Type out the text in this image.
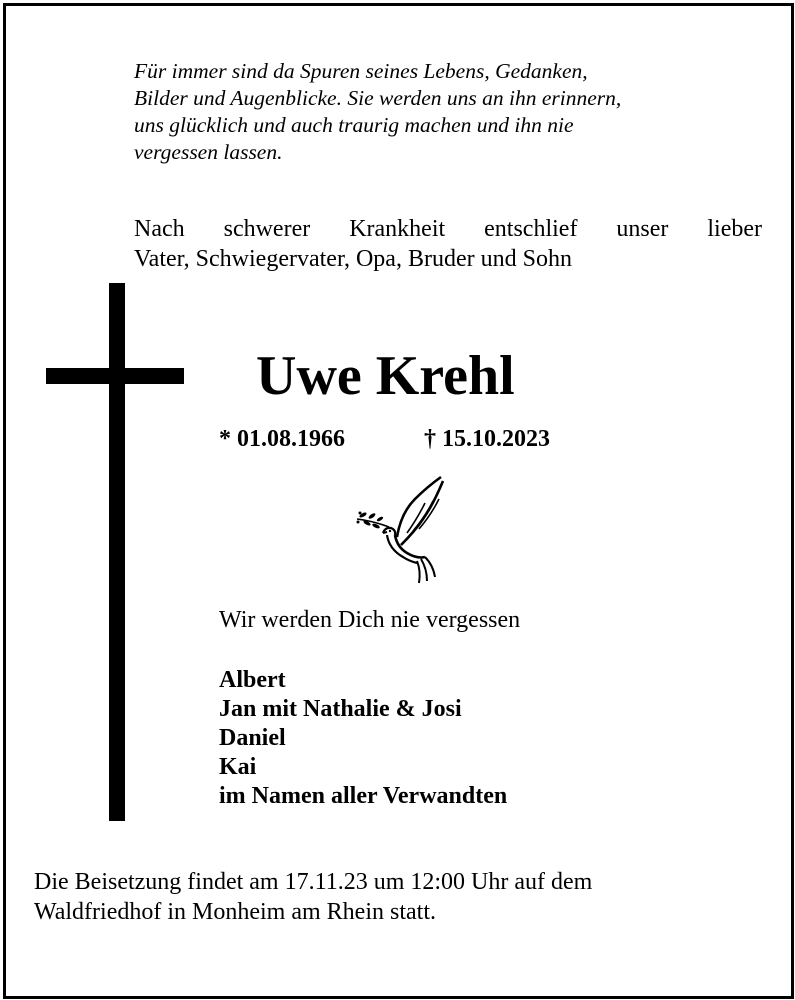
Für immer sind da Spuren seines Lebens, Gedanken,
Bilder und Augenblicke. Sie werden uns an ihn erinnern,
uns glücklich und auch traurig machen und ihn nie
vergessen lassen.
Nach schwerer Krankheit entschlief unser lieber
Vater, Schwiegervater, Opa, Bruder und Sohn
Uwe Krehl
* 01.08.1966	† 15.10.2023
Wir werden Dich nie vergessen
Albert
Jan mit Nathalie & Josi
Daniel
Kai
im Namen aller Verwandten
Die Beisetzung findet am 17.11.23 um 12:00 Uhr auf dem
Waldfriedhof in Monheim am Rhein statt.
